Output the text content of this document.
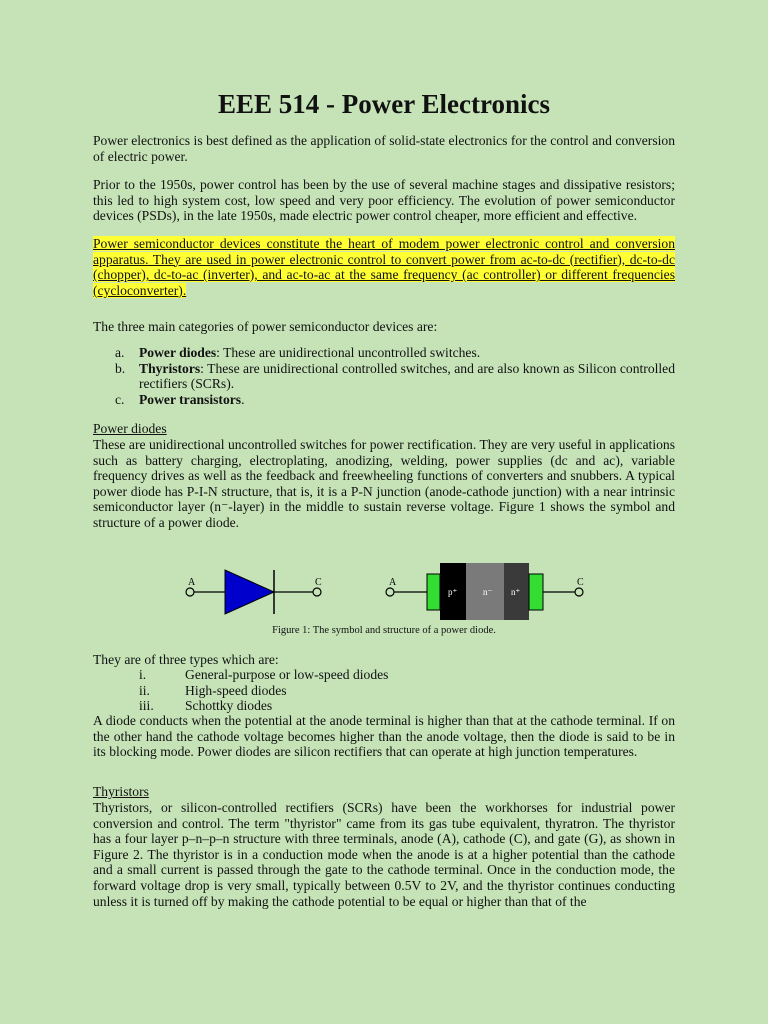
EEE 514 - Power Electronics

Power electronics is best defined as the application of solid-state electronics for the control and conversion of electric power.

Prior to the 1950s, power control has been by the use of several machine stages and dissipative resistors; this led to high system cost, low speed and very poor efficiency. The evolution of power semiconductor devices (PSDs), in the late 1950s, made electric power control cheaper, more efficient and effective.

Power semiconductor devices constitute the heart of modem power electronic control and conversion apparatus. They are used in power electronic control to convert power from ac-to-dc (rectifier), dc-to-dc (chopper), dc-to-ac (inverter), and ac-to-ac at the same frequency (ac controller) or different frequencies (cycloconverter).

The three main categories of power semiconductor devices are:

a. Power diodes: These are unidirectional uncontrolled switches.
b. Thyristors: These are unidirectional controlled switches, and are also known as Silicon controlled rectifiers (SCRs).
c. Power transistors.

Power diodes

These are unidirectional uncontrolled switches for power rectification. They are very useful in applications such as battery charging, electroplating, anodizing, welding, power supplies (dc and ac), variable frequency drives as well as the feedback and freewheeling functions of converters and snubbers. A typical power diode has P-I-N structure, that is, it is a P-N junction (anode-cathode junction) with a near intrinsic semiconductor layer (n⁻-layer) in the middle to sustain reverse voltage. Figure 1 shows the symbol and structure of a power diode.

A	C	A
p⁺	n⁻ n⁺
C
Figure 1: The symbol and structure of a power diode.

They are of three types which are:

i.	General-purpose or low-speed diodes
ii.	High-speed diodes
iii. Schottky diodes

A diode conducts when the potential at the anode terminal is higher than that at the cathode terminal. If on the other hand the cathode voltage becomes higher than the anode voltage, then the diode is said to be in its blocking mode. Power diodes are silicon rectifiers that can operate at high junction temperatures.

Thyristors

Thyristors, or silicon-controlled rectifiers (SCRs) have been the workhorses for industrial power conversion and control. The term "thyristor" came from its gas tube equivalent, thyratron. The thyristor has a four layer p–n–p–n structure with three terminals, anode (A), cathode (C), and gate (G), as shown in Figure 2. The thyristor is in a conduction mode when the anode is at a higher potential than the cathode and a small current is passed through the gate to the cathode terminal. Once in the conduction mode, the forward voltage drop is very small, typically between 0.5V to 2V, and the thyristor continues conducting unless it is turned off by making the cathode potential to be equal or higher than that of the
